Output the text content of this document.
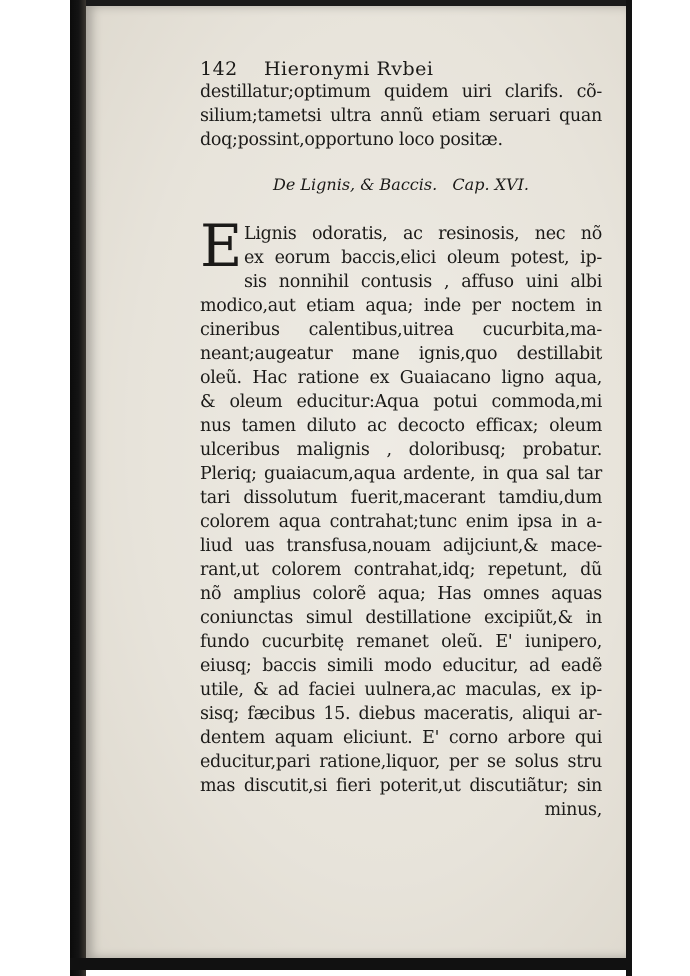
142 Hieronymi Rvbei
destillatur;optimum quidem uiri clarifs. cõ-
silium;tametsi ultra annũ etiam seruari quan
doq;possint,opportuno loco positæ.
De Lignis, & Baccis.   Cap. XVI.
E Lignis odoratis, ac resinosis, nec nõ
ex eorum baccis,elici oleum potest, ip-
sis nonnihil contusis , affuso uini albi
modico,aut etiam aqua; inde per noctem in
cineribus calentibus,uitrea cucurbita,ma-
neant;augeatur mane ignis,quo destillabit
oleũ. Hac ratione ex Guaiacano ligno aqua,
& oleum educitur:Aqua potui commoda,mi
nus tamen diluto ac decocto efficax; oleum
ulceribus malignis , doloribusq; probatur.
Pleriq; guaiacum,aqua ardente, in qua sal tar
tari dissolutum fuerit,macerant tamdiu,dum
colorem aqua contrahat;tunc enim ipsa in a-
liud uas transfusa,nouam adijciunt,& mace-
rant,ut colorem contrahat,idq; repetunt, dũ
nõ amplius colorẽ aqua; Has omnes aquas
coniunctas simul destillatione excipiũt,& in
fundo cucurbitę remanet oleũ. E' iunipero,
eiusq; baccis simili modo educitur, ad eadẽ
utile, & ad faciei uulnera,ac maculas, ex ip-
sisq; fæcibus 15. diebus maceratis, aliqui ar-
dentem aquam eliciunt. E' corno arbore qui
educitur,pari ratione,liquor, per se solus stru
mas discutit,si fieri poterit,ut discutiãtur; sin
minus,
